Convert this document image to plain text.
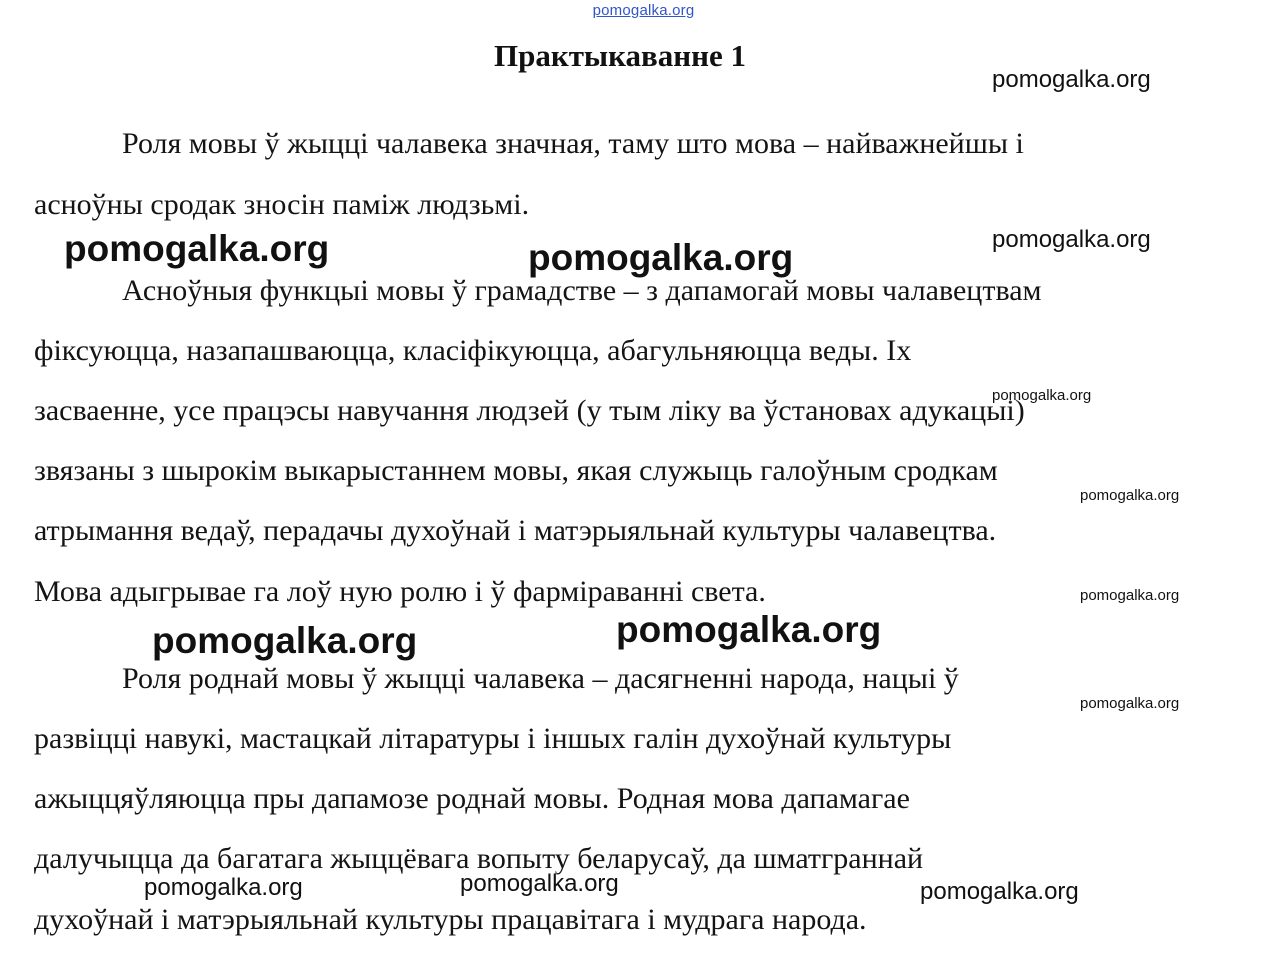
pomogalka.org
Практыкаванне 1
Роля мовы ў жыцці чалавека значная, таму што мова – найважнейшы і
асноўны сродак зносін паміж людзьмі.
Асноўныя функцыі мовы ў грамадстве – з дапамогай мовы чалавецтвам
фіксуюцца, назапашваюцца, класіфікуюцца, абагульняюцца веды. Іх
засваенне, усе працэсы навучання людзей (у тым ліку ва ўстановах адукацыі)
звязаны з шырокім выкарыстаннем мовы, якая служыць галоўным сродкам
атрымання ведаў, перадачы духоўнай і матэрыяльнай культуры чалавецтва.
Мова адыгрывае га лоў ную ролю і ў фарміраванні света.
Роля роднай мовы ў жыцці чалавека – дасягненні народа, нацыі ў
развіцці навукі, мастацкай літаратуры і іншых галін духоўнай культуры
ажыццяўляюцца пры дапамозе роднай мовы. Родная мова дапамагае
далучыцца да багатага жыццёвага вопыту беларусаў, да шматграннай
духоўнай і матэрыяльнай культуры працавітага і мудрага народа.
pomogalka.org
pomogalka.org
pomogalka.org	pomogalka.org
pomogalka.org
pomogalka.org
pomogalka.org
pomogalka.org
pomogalka.org
pomogalka.org
pomogalka.org
pomogalka.org	pomogalka.org
